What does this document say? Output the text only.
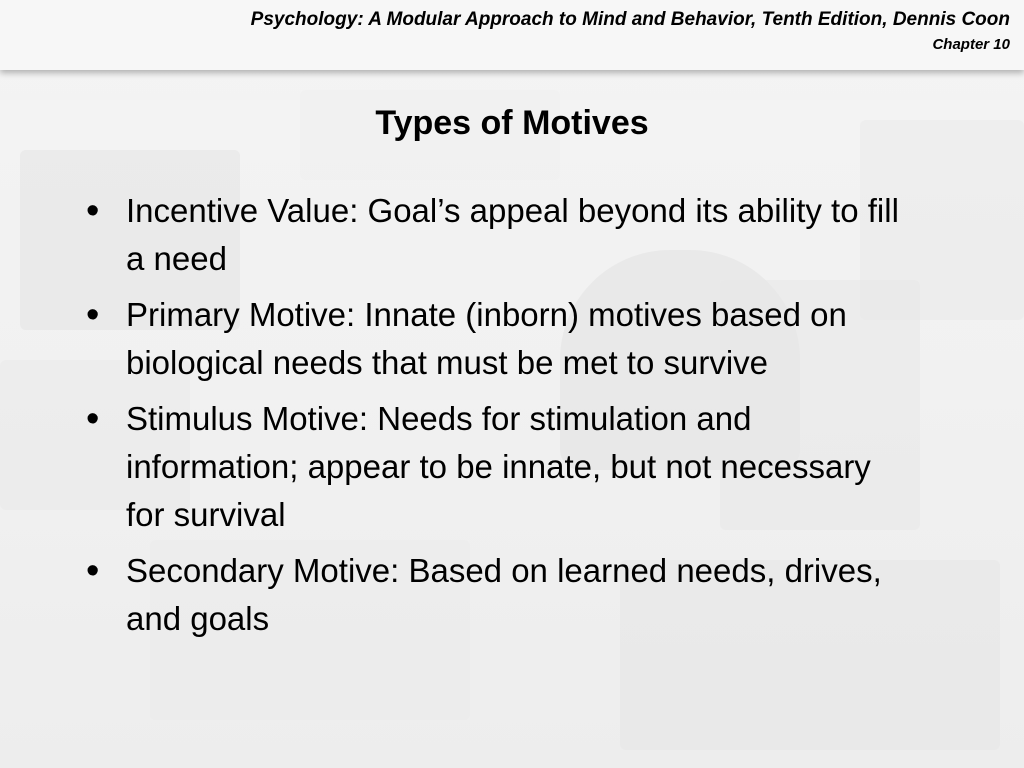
Psychology: A Modular Approach to Mind and Behavior, Tenth Edition, Dennis Coon
Chapter 10
Types of Motives
• Incentive Value: Goal’s appeal beyond its ability to fill a need
• Primary Motive: Innate (inborn) motives based on biological needs that must be met to survive
• Stimulus Motive: Needs for stimulation and information; appear to be innate, but not necessary for survival
• Secondary Motive: Based on learned needs, drives, and goals
